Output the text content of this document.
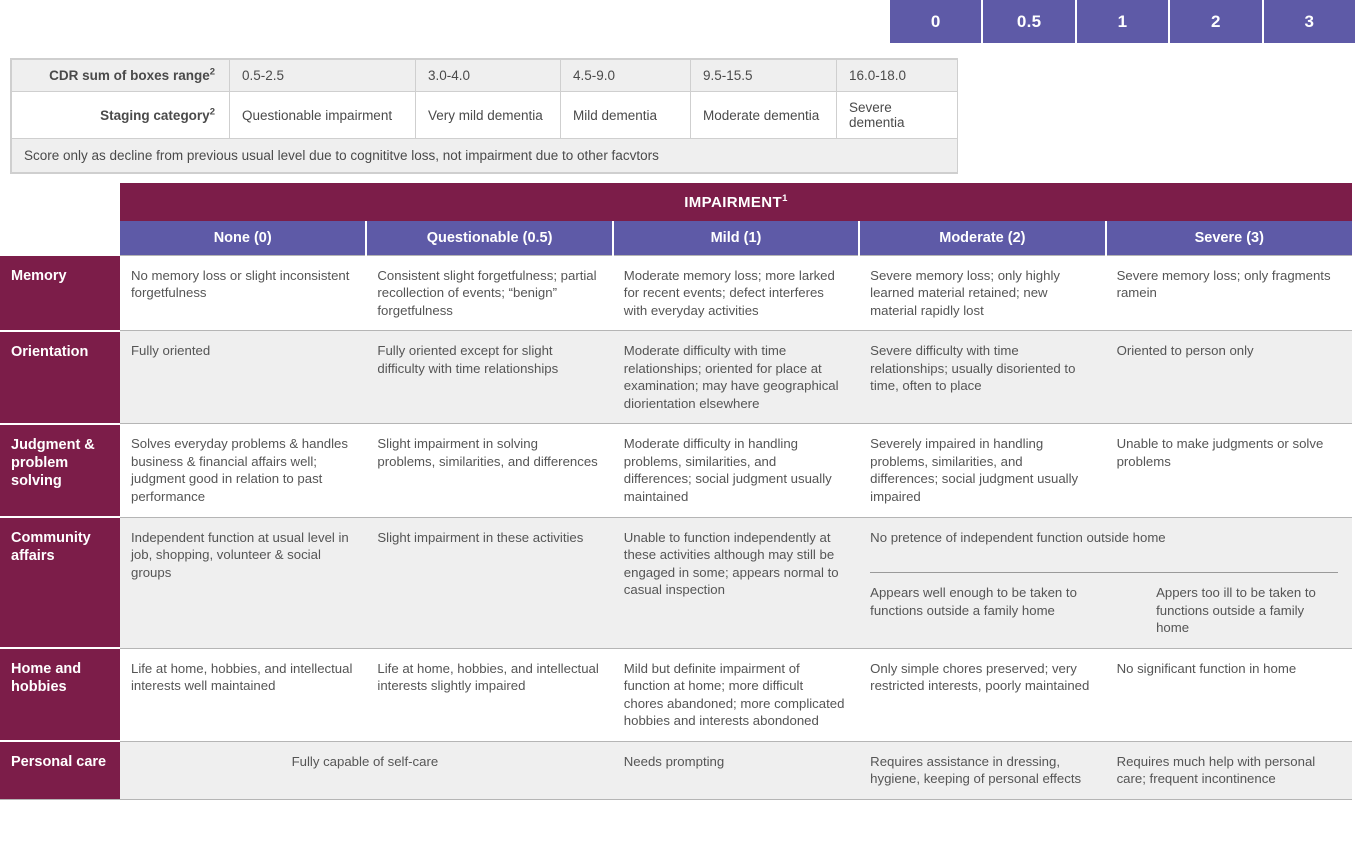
0	0.5	1	2	3
CDR sum of boxes range$^2$	0.5-2.5	3.0-4.0	4.5-9.0	9.5-15.5	16.0-18.0
Staging category$^2$	Questionable impairment	Very mild dementia	Mild dementia	Moderate dementia	Severe dementia
Score only as decline from previous usual level due to cognititve loss, not impairment due to other facvtors					
	IMPAIRMENT$^1$
	None (0)	Questionable (0.5)	Mild (1)	Moderate (2)	Severe (3)
Memory	No memory loss or slight inconsistent forgetfulness	Consistent slight forgetfulness; partial recollection of events; “benign” forgetfulness	Moderate memory loss; more larked for recent events; defect interferes with everyday activities	Severe memory loss; only highly learned material retained; new material rapidly lost	Severe memory loss; only fragments ramein
Orientation	Fully oriented	Fully oriented except for slight difficulty with time relationships	Moderate difficulty with time relationships; oriented for place at examination; may have geographical diorientation elsewhere	Severe difficulty with time relationships; usually disoriented to time, often to place	Oriented to person only
Judgment & problem solving	Solves everyday problems & handles business & financial affairs well; judgment good in relation to past performance	Slight impairment in solving problems, similarities, and differences	Moderate difficulty in handling problems, similarities, and differences; social judgment usually maintained	Severely impaired in handling problems, similarities, and differences; social judgment usually impaired	Unable to make judgments or solve problems
Community affairs	Independent function at usual level in job, shopping, volunteer & social groups	Slight impairment in these activities	Unable to function independently at these activities although may still be engaged in some; appears normal to casual inspection	
No pretence of independent function outside home
Appears well enough to be taken to functions outside a family home	Appers too ill to be taken to functions outside a family home

Home and hobbies	Life at home, hobbies, and intellectual interests well maintained	Life at home, hobbies, and intellectual interests slightly impaired	Mild but definite impairment of function at home; more difficult chores abandoned; more complicated hobbies and interests abondoned	Only simple chores preserved; very restricted interests, poorly maintained	No significant function in home
Personal care	Fully capable of self-care	Needs prompting	Requires assistance in dressing, hygiene, keeping of personal effects	Requires much help with personal care; frequent incontinence
